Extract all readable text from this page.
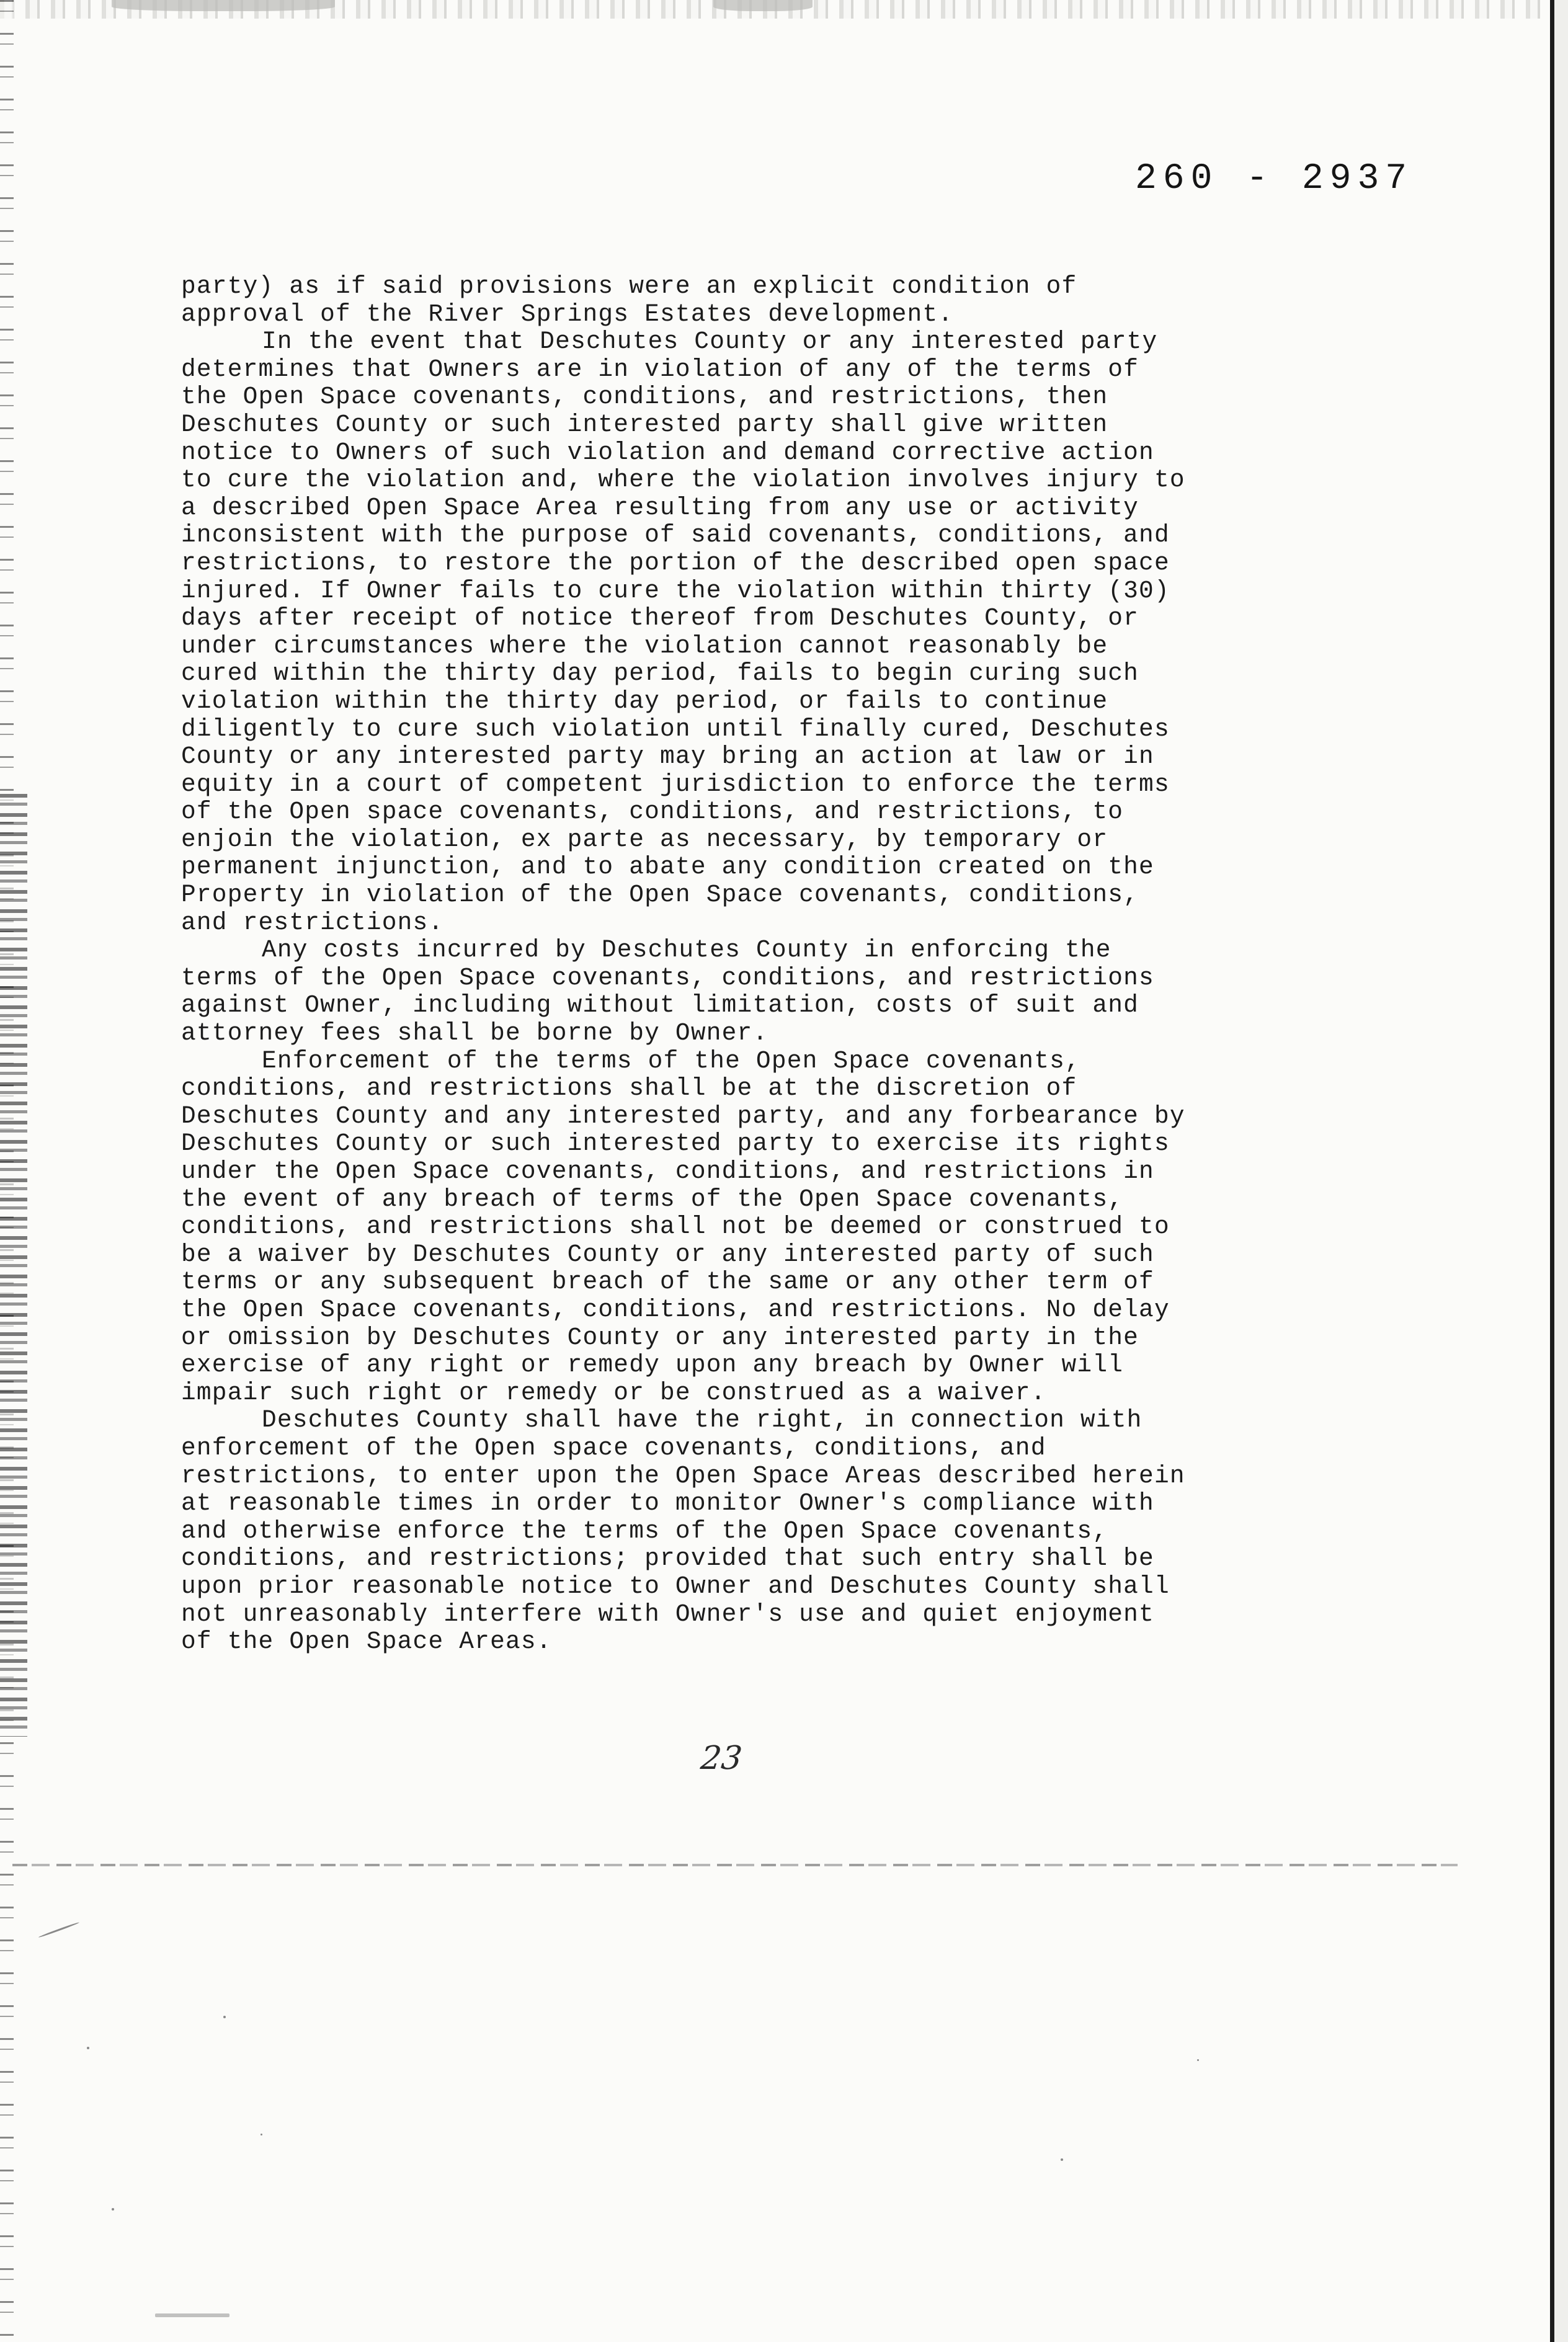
260 - 2937
party) as if said provisions were an explicit condition of
approval of the River Springs Estates development.
In the event that Deschutes County or any interested party
determines that Owners are in violation of any of the terms of
the Open Space covenants, conditions, and restrictions, then
Deschutes County or such interested party shall give written
notice to Owners of such violation and demand corrective action
to cure the violation and, where the violation involves injury to
a described Open Space Area resulting from any use or activity
inconsistent with the purpose of said covenants, conditions, and
restrictions, to restore the portion of the described open space
injured. If Owner fails to cure the violation within thirty (30)
days after receipt of notice thereof from Deschutes County, or
under circumstances where the violation cannot reasonably be
cured within the thirty day period, fails to begin curing such
violation within the thirty day period, or fails to continue
diligently to cure such violation until finally cured, Deschutes
County or any interested party may bring an action at law or in
equity in a court of competent jurisdiction to enforce the terms
of the Open space covenants, conditions, and restrictions, to
enjoin the violation, ex parte as necessary, by temporary or
permanent injunction, and to abate any condition created on the
Property in violation of the Open Space covenants, conditions,
and restrictions.
Any costs incurred by Deschutes County in enforcing the
terms of the Open Space covenants, conditions, and restrictions
against Owner, including without limitation, costs of suit and
attorney fees shall be borne by Owner.
Enforcement of the terms of the Open Space covenants,
conditions, and restrictions shall be at the discretion of
Deschutes County and any interested party, and any forbearance by
Deschutes County or such interested party to exercise its rights
under the Open Space covenants, conditions, and restrictions in
the event of any breach of terms of the Open Space covenants,
conditions, and restrictions shall not be deemed or construed to
be a waiver by Deschutes County or any interested party of such
terms or any subsequent breach of the same or any other term of
the Open Space covenants, conditions, and restrictions. No delay
or omission by Deschutes County or any interested party in the
exercise of any right or remedy upon any breach by Owner will
impair such right or remedy or be construed as a waiver.
Deschutes County shall have the right, in connection with
enforcement of the Open space covenants, conditions, and
restrictions, to enter upon the Open Space Areas described herein
at reasonable times in order to monitor Owner's compliance with
and otherwise enforce the terms of the Open Space covenants,
conditions, and restrictions; provided that such entry shall be
upon prior reasonable notice to Owner and Deschutes County shall
not unreasonably interfere with Owner's use and quiet enjoyment
of the Open Space Areas.
23
